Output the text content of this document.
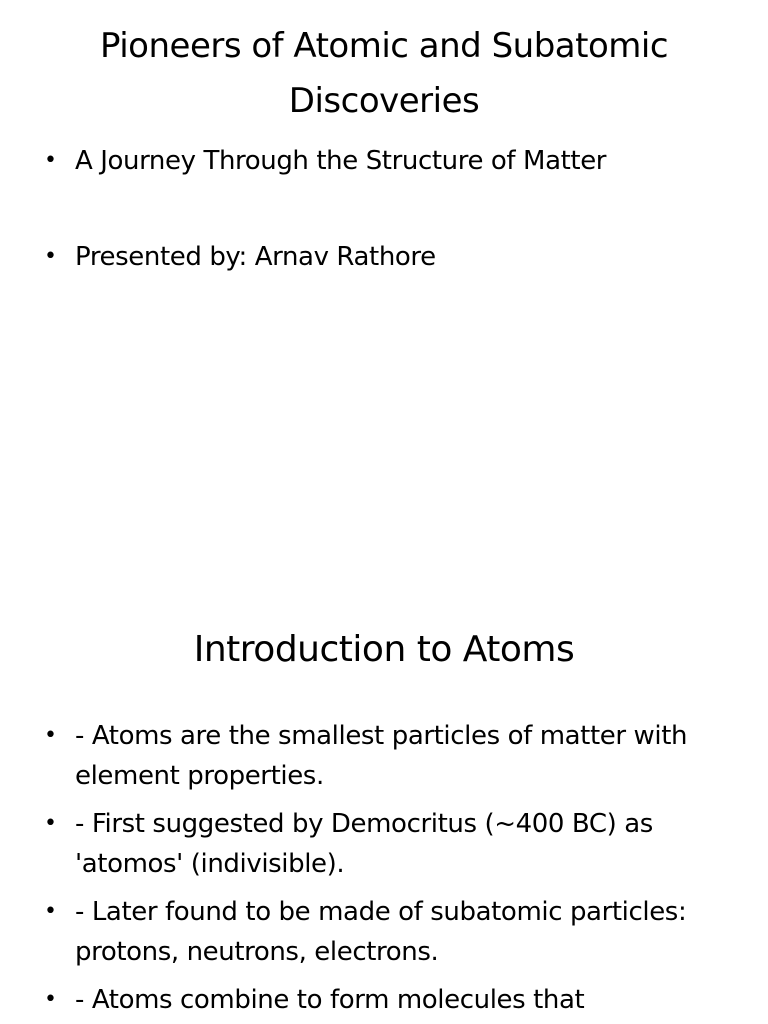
Pioneers of Atomic and Subatomic Discoveries
• A Journey Through the Structure of Matter
• Presented by: Arnav Rathore
Introduction to Atoms
• - Atoms are the smallest particles of matter with element properties.
• - First suggested by Democritus (~400 BC) as 'atomos' (indivisible).
• - Later found to be made of subatomic particles: protons, neutrons, electrons.
• - Atoms combine to form molecules that
